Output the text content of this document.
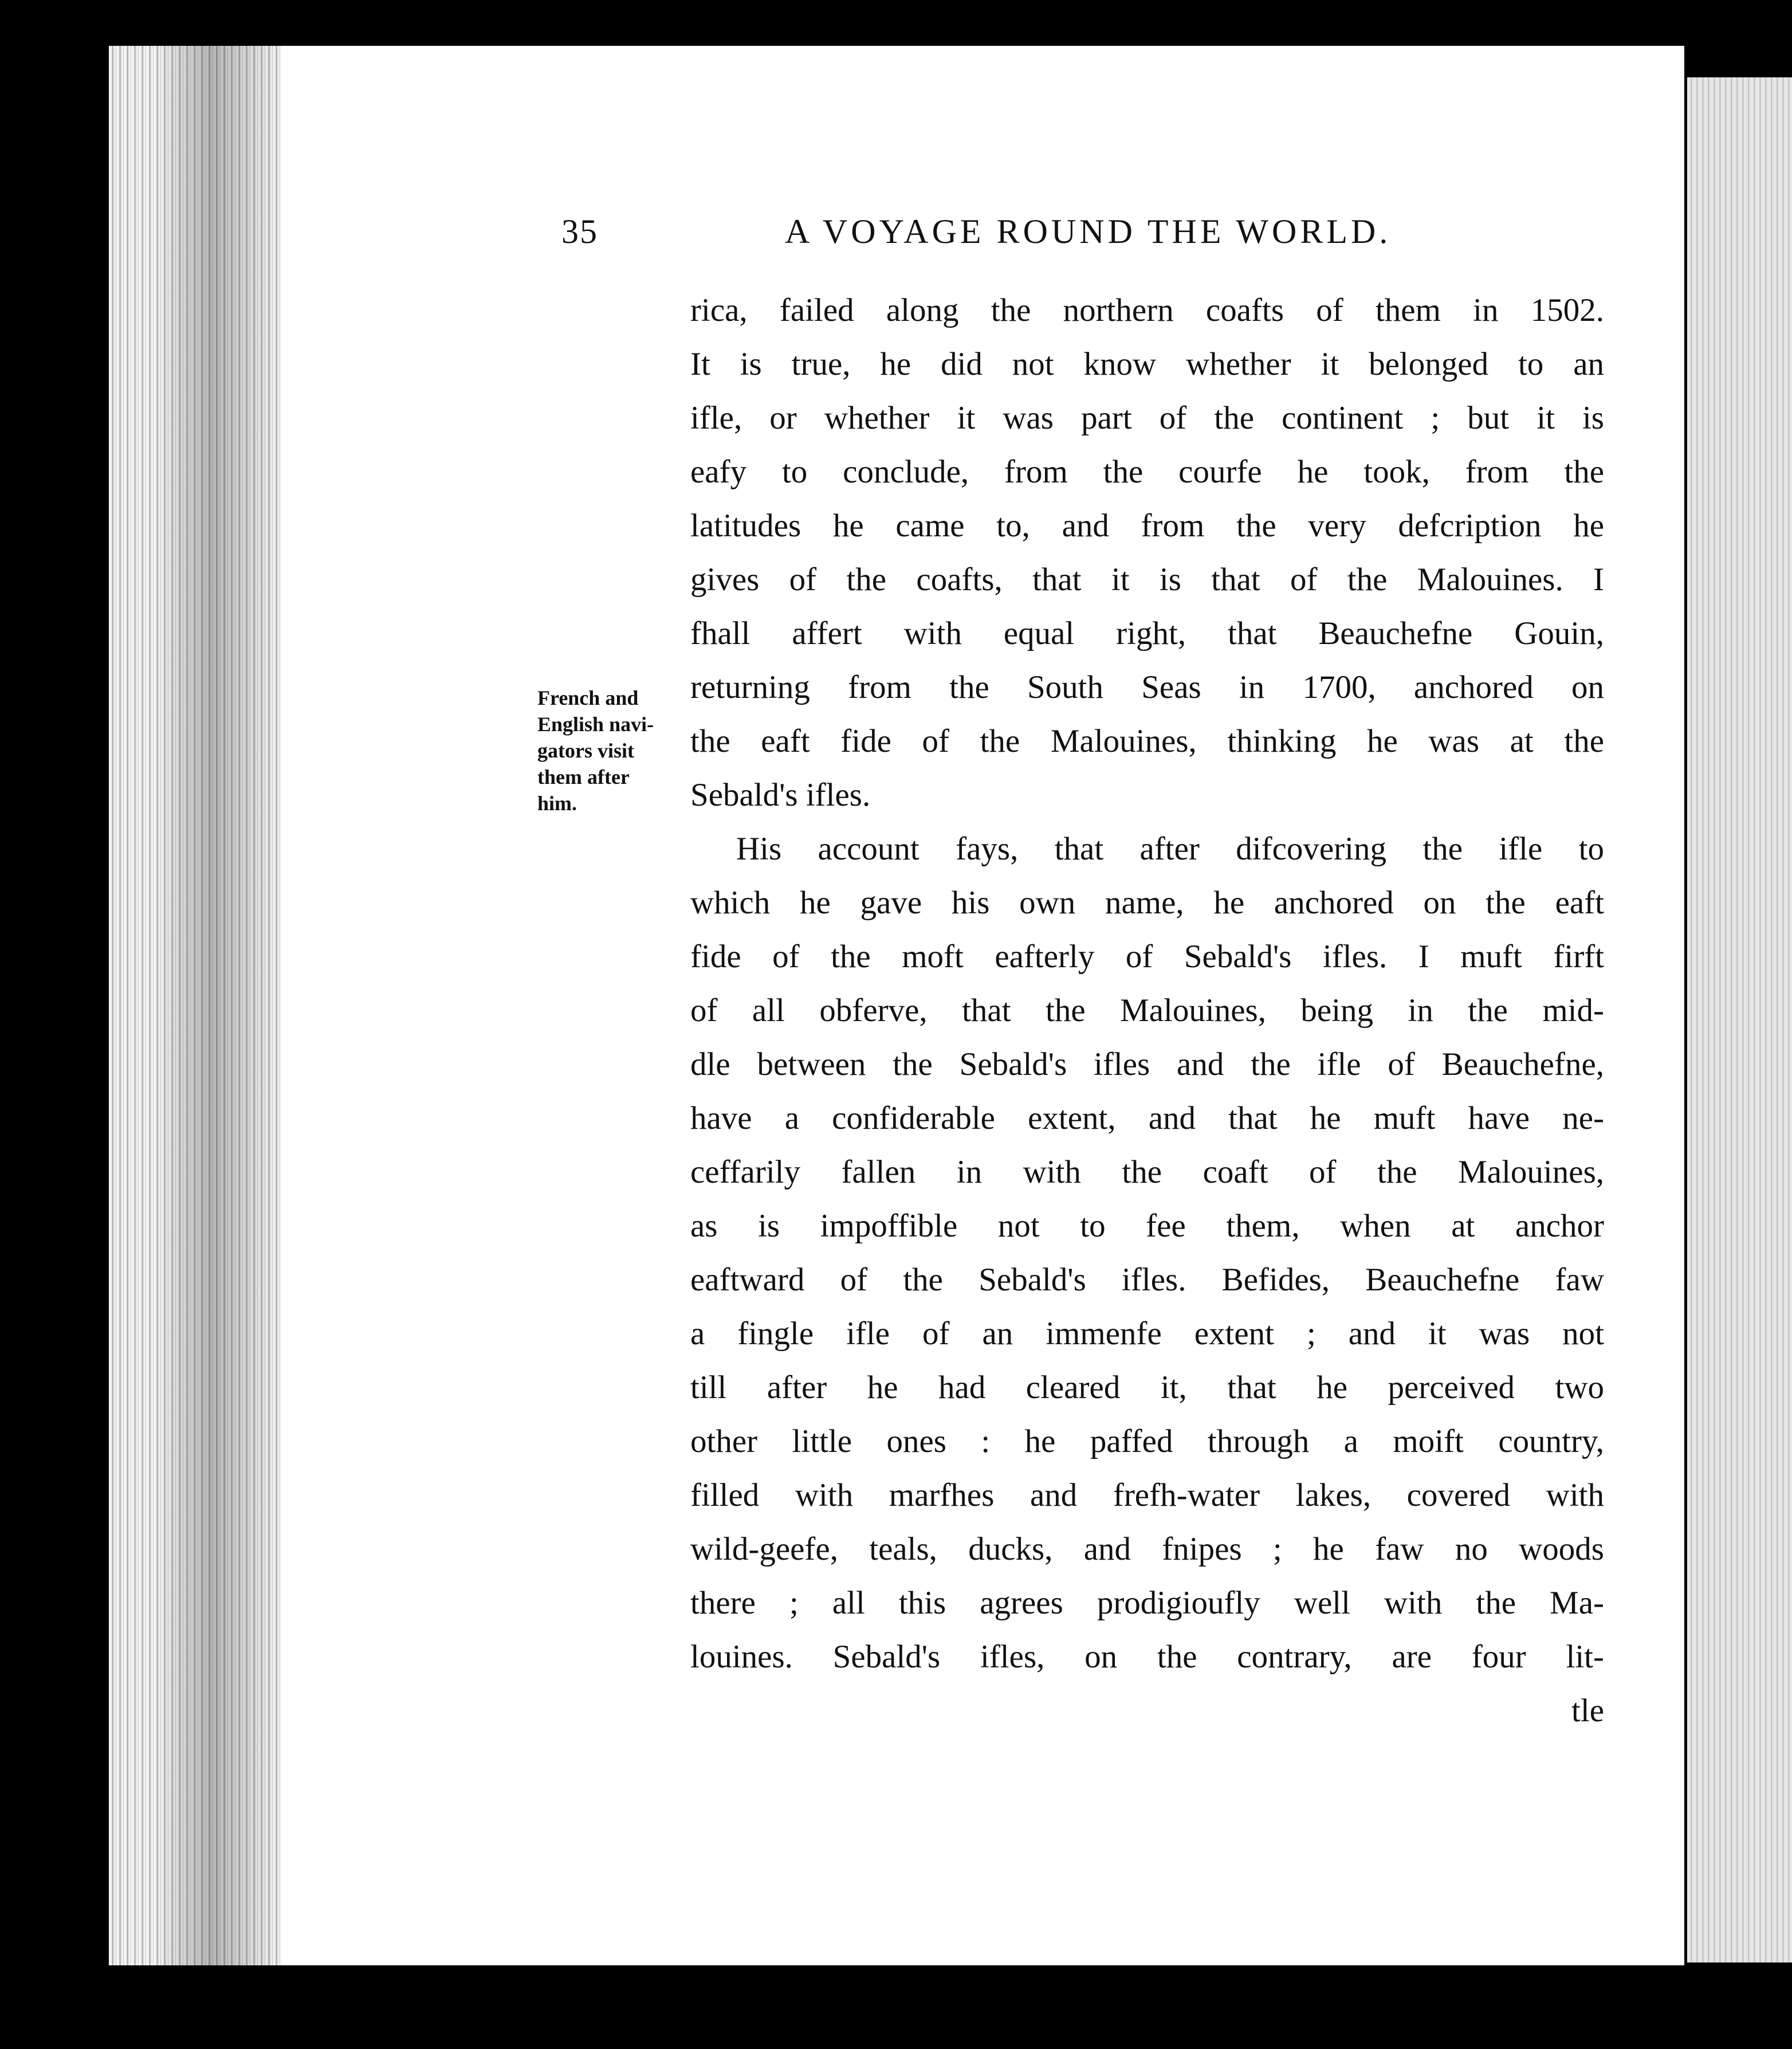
35	A VOYAGE ROUND THE WORLD.
French and
English navi-
gators visit
them after
him.
rica, failed along the northern coafts of them in 1502.
It is true, he did not know whether it belonged to an
ifle, or whether it was part of the continent ; but it is
eafy to conclude, from the courfe he took, from the
latitudes he came to, and from the very defcription he
gives of the coafts, that it is that of the Malouines. I
fhall affert with equal right, that Beauchefne Gouin,
returning from the South Seas in 1700, anchored on
the eaft fide of the Malouines, thinking he was at the
Sebald's ifles.
His account fays, that after difcovering the ifle to
which he gave his own name, he anchored on the eaft
fide of the moft eafterly of Sebald's ifles. I muft firft
of all obferve, that the Malouines, being in the mid-
dle between the Sebald's ifles and the ifle of Beauchefne,
have a confiderable extent, and that he muft have ne-
ceffarily fallen in with the coaft of the Malouines,
as is impoffible not to fee them, when at anchor
eaftward of the Sebald's ifles. Befides, Beauchefne faw
a fingle ifle of an immenfe extent ; and it was not
till after he had cleared it, that he perceived two
other little ones : he paffed through a moift country,
filled with marfhes and frefh-water lakes, covered with
wild-geefe, teals, ducks, and fnipes ; he faw no woods
there ; all this agrees prodigioufly well with the Ma-
louines. Sebald's ifles, on the contrary, are four lit-
tle
